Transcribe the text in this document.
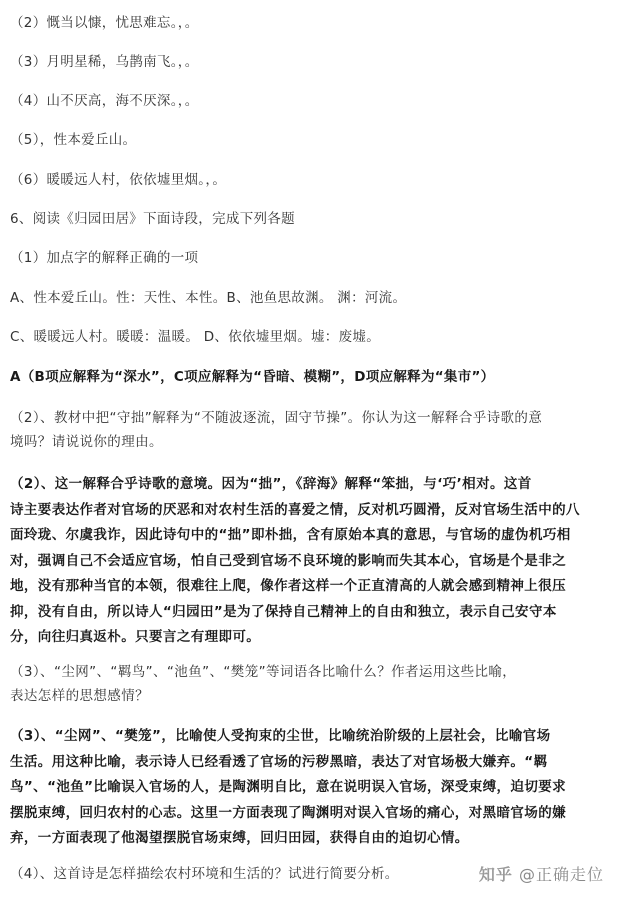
（2）慨当以慷，忧思难忘。，。
（3）月明星稀，乌鹊南飞。，。
（4）山不厌高，海不厌深。，。
（5），性本爱丘山。
（6）暖暖远人村，依依墟里烟。，。
6、阅读《归园田居》下面诗段，完成下列各题
（1）加点字的解释正确的一项
A、性本爱丘山。性：天性、本性。B、池鱼思故渊。 渊：河流。
C、暖暖远人村。暖暖：温暖。 D、依依墟里烟。墟：废墟。
A（B项应解释为“深水”，C项应解释为“昏暗、模糊”，D项应解释为“集市”）
（2）、教材中把“守拙”解释为“不随波逐流，固守节操”。你认为这一解释合乎诗歌的意
境吗？请说说你的理由。
（2）、这一解释合乎诗歌的意境。因为“拙”，《辞海》解释“笨拙，与‘巧’相对。这首
诗主要表达作者对官场的厌恶和对农村生活的喜爱之情，反对机巧圆滑，反对官场生活中的八
面玲珑、尔虞我诈，因此诗句中的“拙”即朴拙，含有原始本真的意思，与官场的虚伪机巧相
对，强调自己不会适应官场，怕自己受到官场不良环境的影响而失其本心，官场是个是非之
地，没有那种当官的本领，很难往上爬，像作者这样一个正直清高的人就会感到精神上很压
抑，没有自由，所以诗人“归园田”是为了保持自己精神上的自由和独立，表示自己安守本
分，向往归真返朴。只要言之有理即可。
（3）、“尘网”、“羁鸟”、“池鱼”、“樊笼”等词语各比喻什么？作者运用这些比喻，
表达怎样的思想感情？
（3）、“尘网”、“樊笼”，比喻使人受拘束的尘世，比喻统治阶级的上层社会，比喻官场
生活。用这种比喻，表示诗人已经看透了官场的污秽黑暗，表达了对官场极大嫌弃。“羁
鸟”、“池鱼”比喻误入官场的人，是陶渊明自比，意在说明误入官场，深受束缚，迫切要求
摆脱束缚，回归农村的心志。这里一方面表现了陶渊明对误入官场的痛心，对黑暗官场的嫌
弃，一方面表现了他渴望摆脱官场束缚，回归田园，获得自由的迫切心情。
（4）、这首诗是怎样描绘农村环境和生活的？试进行简要分析。	知乎 @正确走位
